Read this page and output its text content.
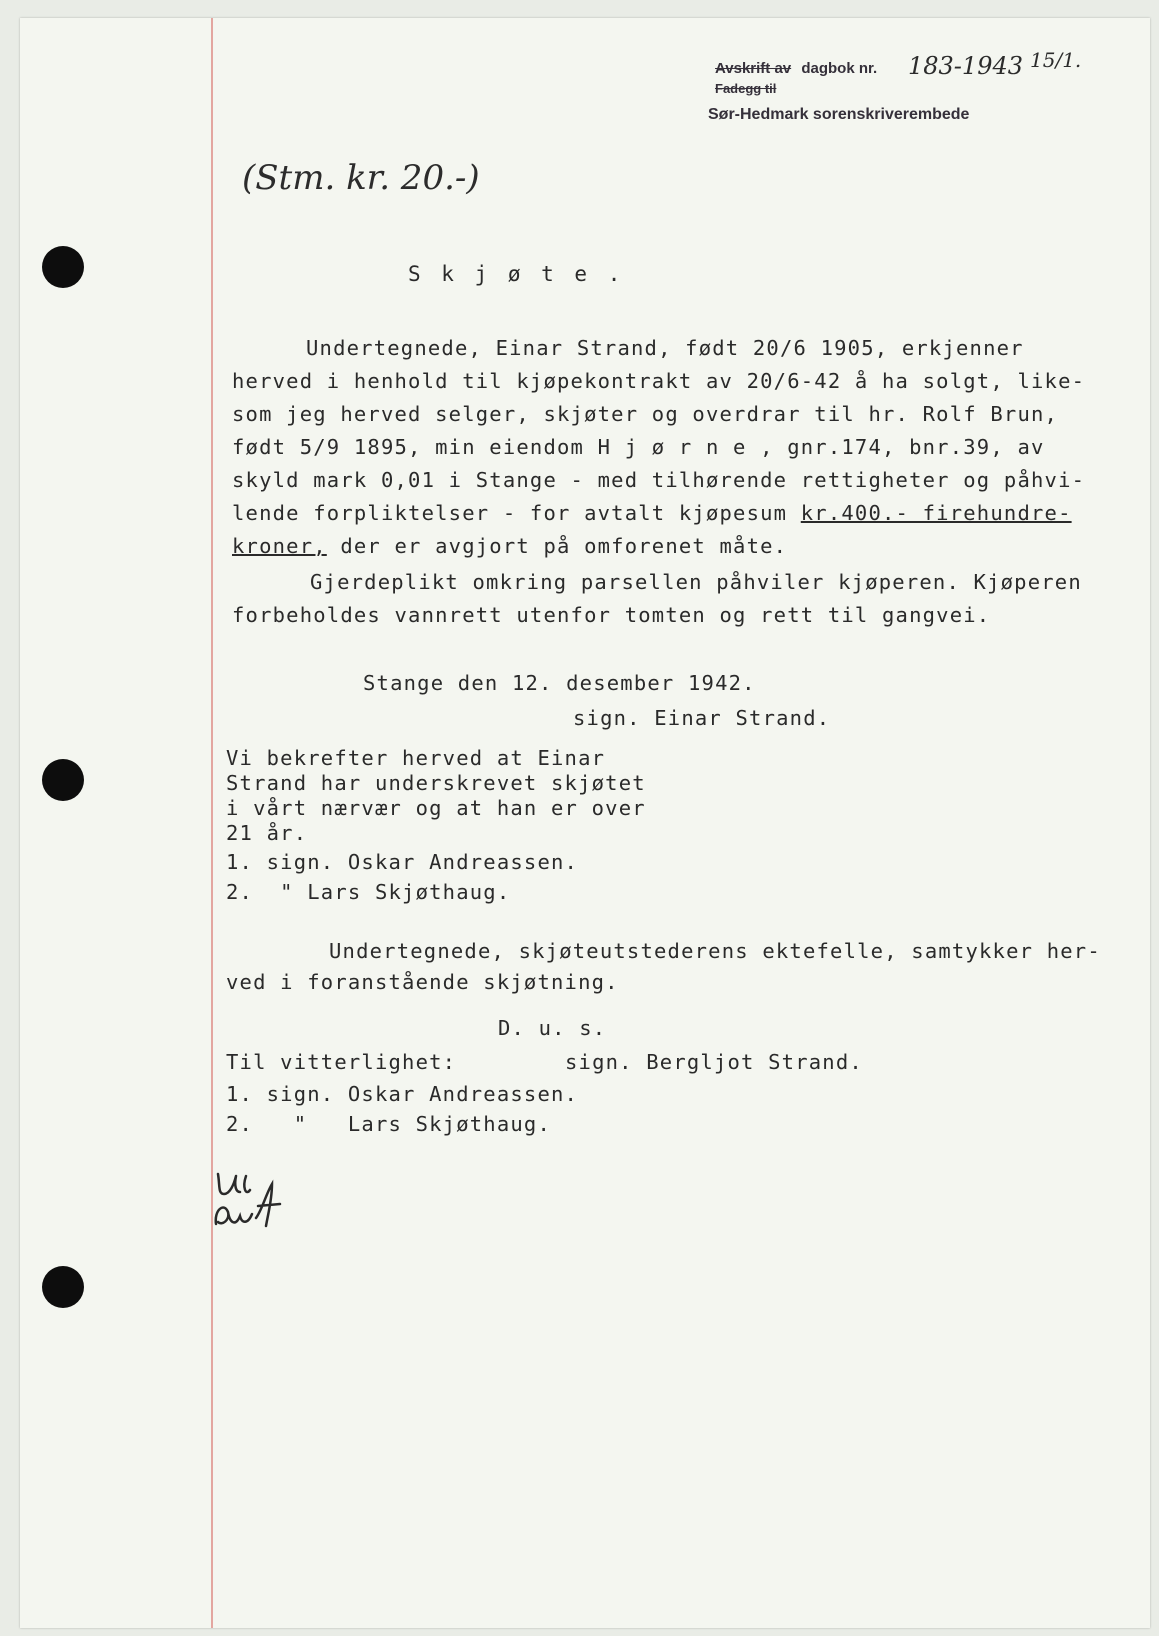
Avskrift av dagbok nr. 183-1943 15/1.
Fadegg til
Sør-Hedmark sorenskriverembede
(Stm. kr. 20.-)
S k j ø t e .
Undertegnede, Einar Strand, født 20/6 1905, erkjenner
herved i henhold til kjøpekontrakt av 20/6-42 å ha solgt, like-
som jeg herved selger, skjøter og overdrar til hr. Rolf Brun,
født 5/9 1895, min eiendom H j ø r n e , gnr.174, bnr.39, av
skyld mark 0,01 i Stange - med tilhørende rettigheter og påhvi-
lende forpliktelser - for avtalt kjøpesum kr.400.- firehundre-
kroner, der er avgjort på omforenet måte.
Gjerdeplikt omkring parsellen påhviler kjøperen. Kjøperen
forbeholdes vannrett utenfor tomten og rett til gangvei.
Stange den 12. desember 1942.
sign. Einar Strand.
Vi bekrefter herved at Einar
Strand har underskrevet skjøtet
i vårt nærvær og at han er over
21 år.
1. sign. Oskar Andreassen.
2.  " Lars Skjøthaug.
Undertegnede, skjøteutstederens ektefelle, samtykker her-
ved i foranstående skjøtning.
D. u. s.
Til vitterlighet:	sign. Bergljot Strand.
1. sign. Oskar Andreassen.
2.   "   Lars Skjøthaug.
